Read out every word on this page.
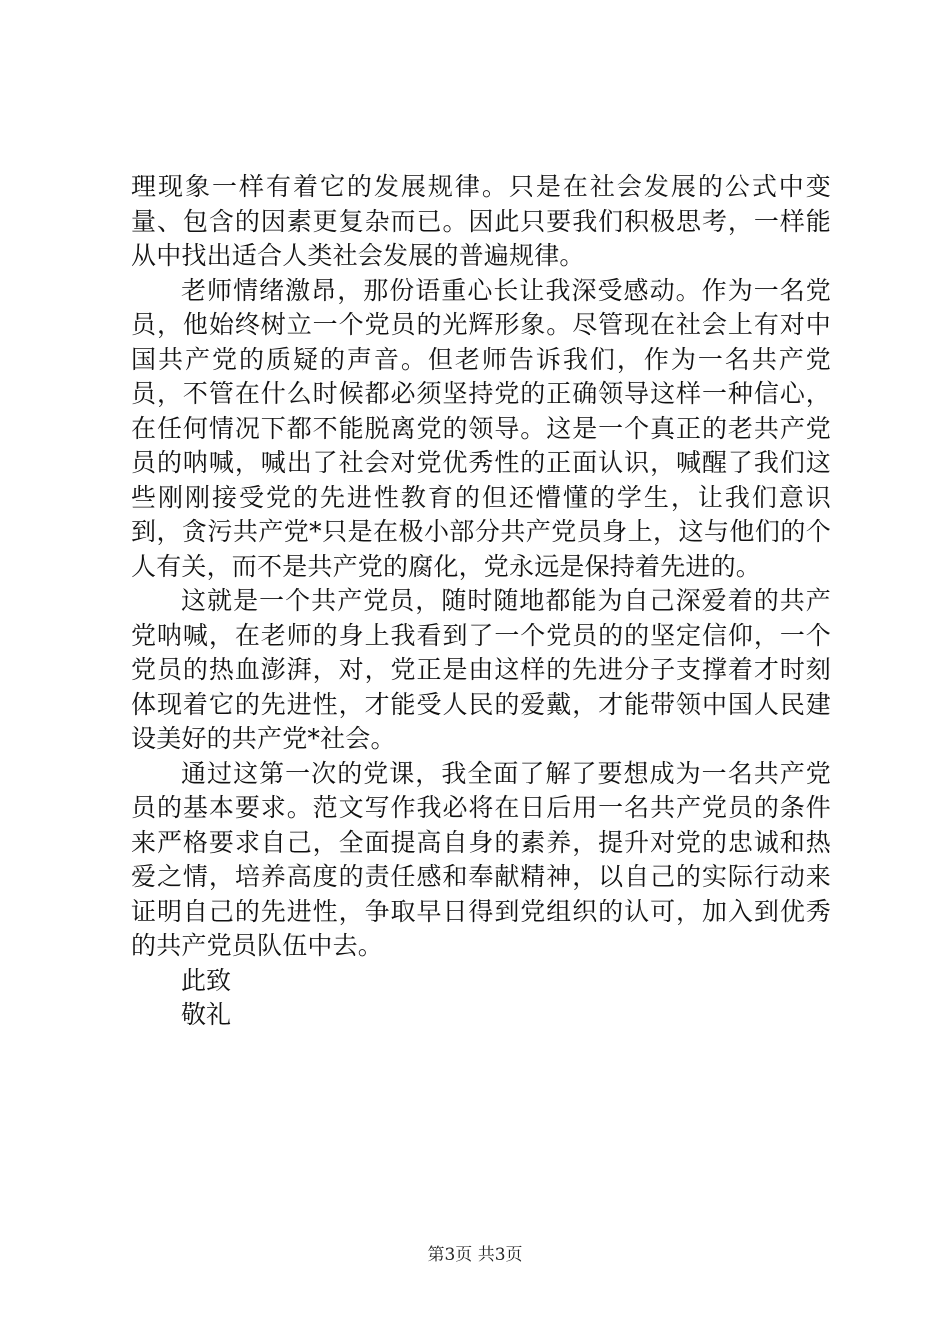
理现象一样有着它的发展规律。只是在社会发展的公式中变量、包含的因素更复杂而已。因此只要我们积极思考，一样能从中找出适合人类社会发展的普遍规律。

老师情绪激昂，那份语重心长让我深受感动。作为一名党员，他始终树立一个党员的光辉形象。尽管现在社会上有对中国共产党的质疑的声音。但老师告诉我们，作为一名共产党员，不管在什么时候都必须坚持党的正确领导这样一种信心，在任何情况下都不能脱离党的领导。这是一个真正的老共产党员的呐喊，喊出了社会对党优秀性的正面认识，喊醒了我们这些刚刚接受党的先进性教育的但还懵懂的学生，让我们意识到，贪污共产党*只是在极小部分共产党员身上，这与他们的个人有关，而不是共产党的腐化，党永远是保持着先进的。

这就是一个共产党员，随时随地都能为自己深爱着的共产党呐喊，在老师的身上我看到了一个党员的的坚定信仰，一个党员的热血澎湃，对，党正是由这样的先进分子支撑着才时刻体现着它的先进性，才能受人民的爱戴，才能带领中国人民建设美好的共产党*社会。

通过这第一次的党课，我全面了解了要想成为一名共产党员的基本要求。范文写作我必将在日后用一名共产党员的条件来严格要求自己，全面提高自身的素养，提升对党的忠诚和热爱之情，培养高度的责任感和奉献精神，以自己的实际行动来证明自己的先进性，争取早日得到党组织的认可，加入到优秀的共产党员队伍中去。

此致

敬礼

第3页 共3页
